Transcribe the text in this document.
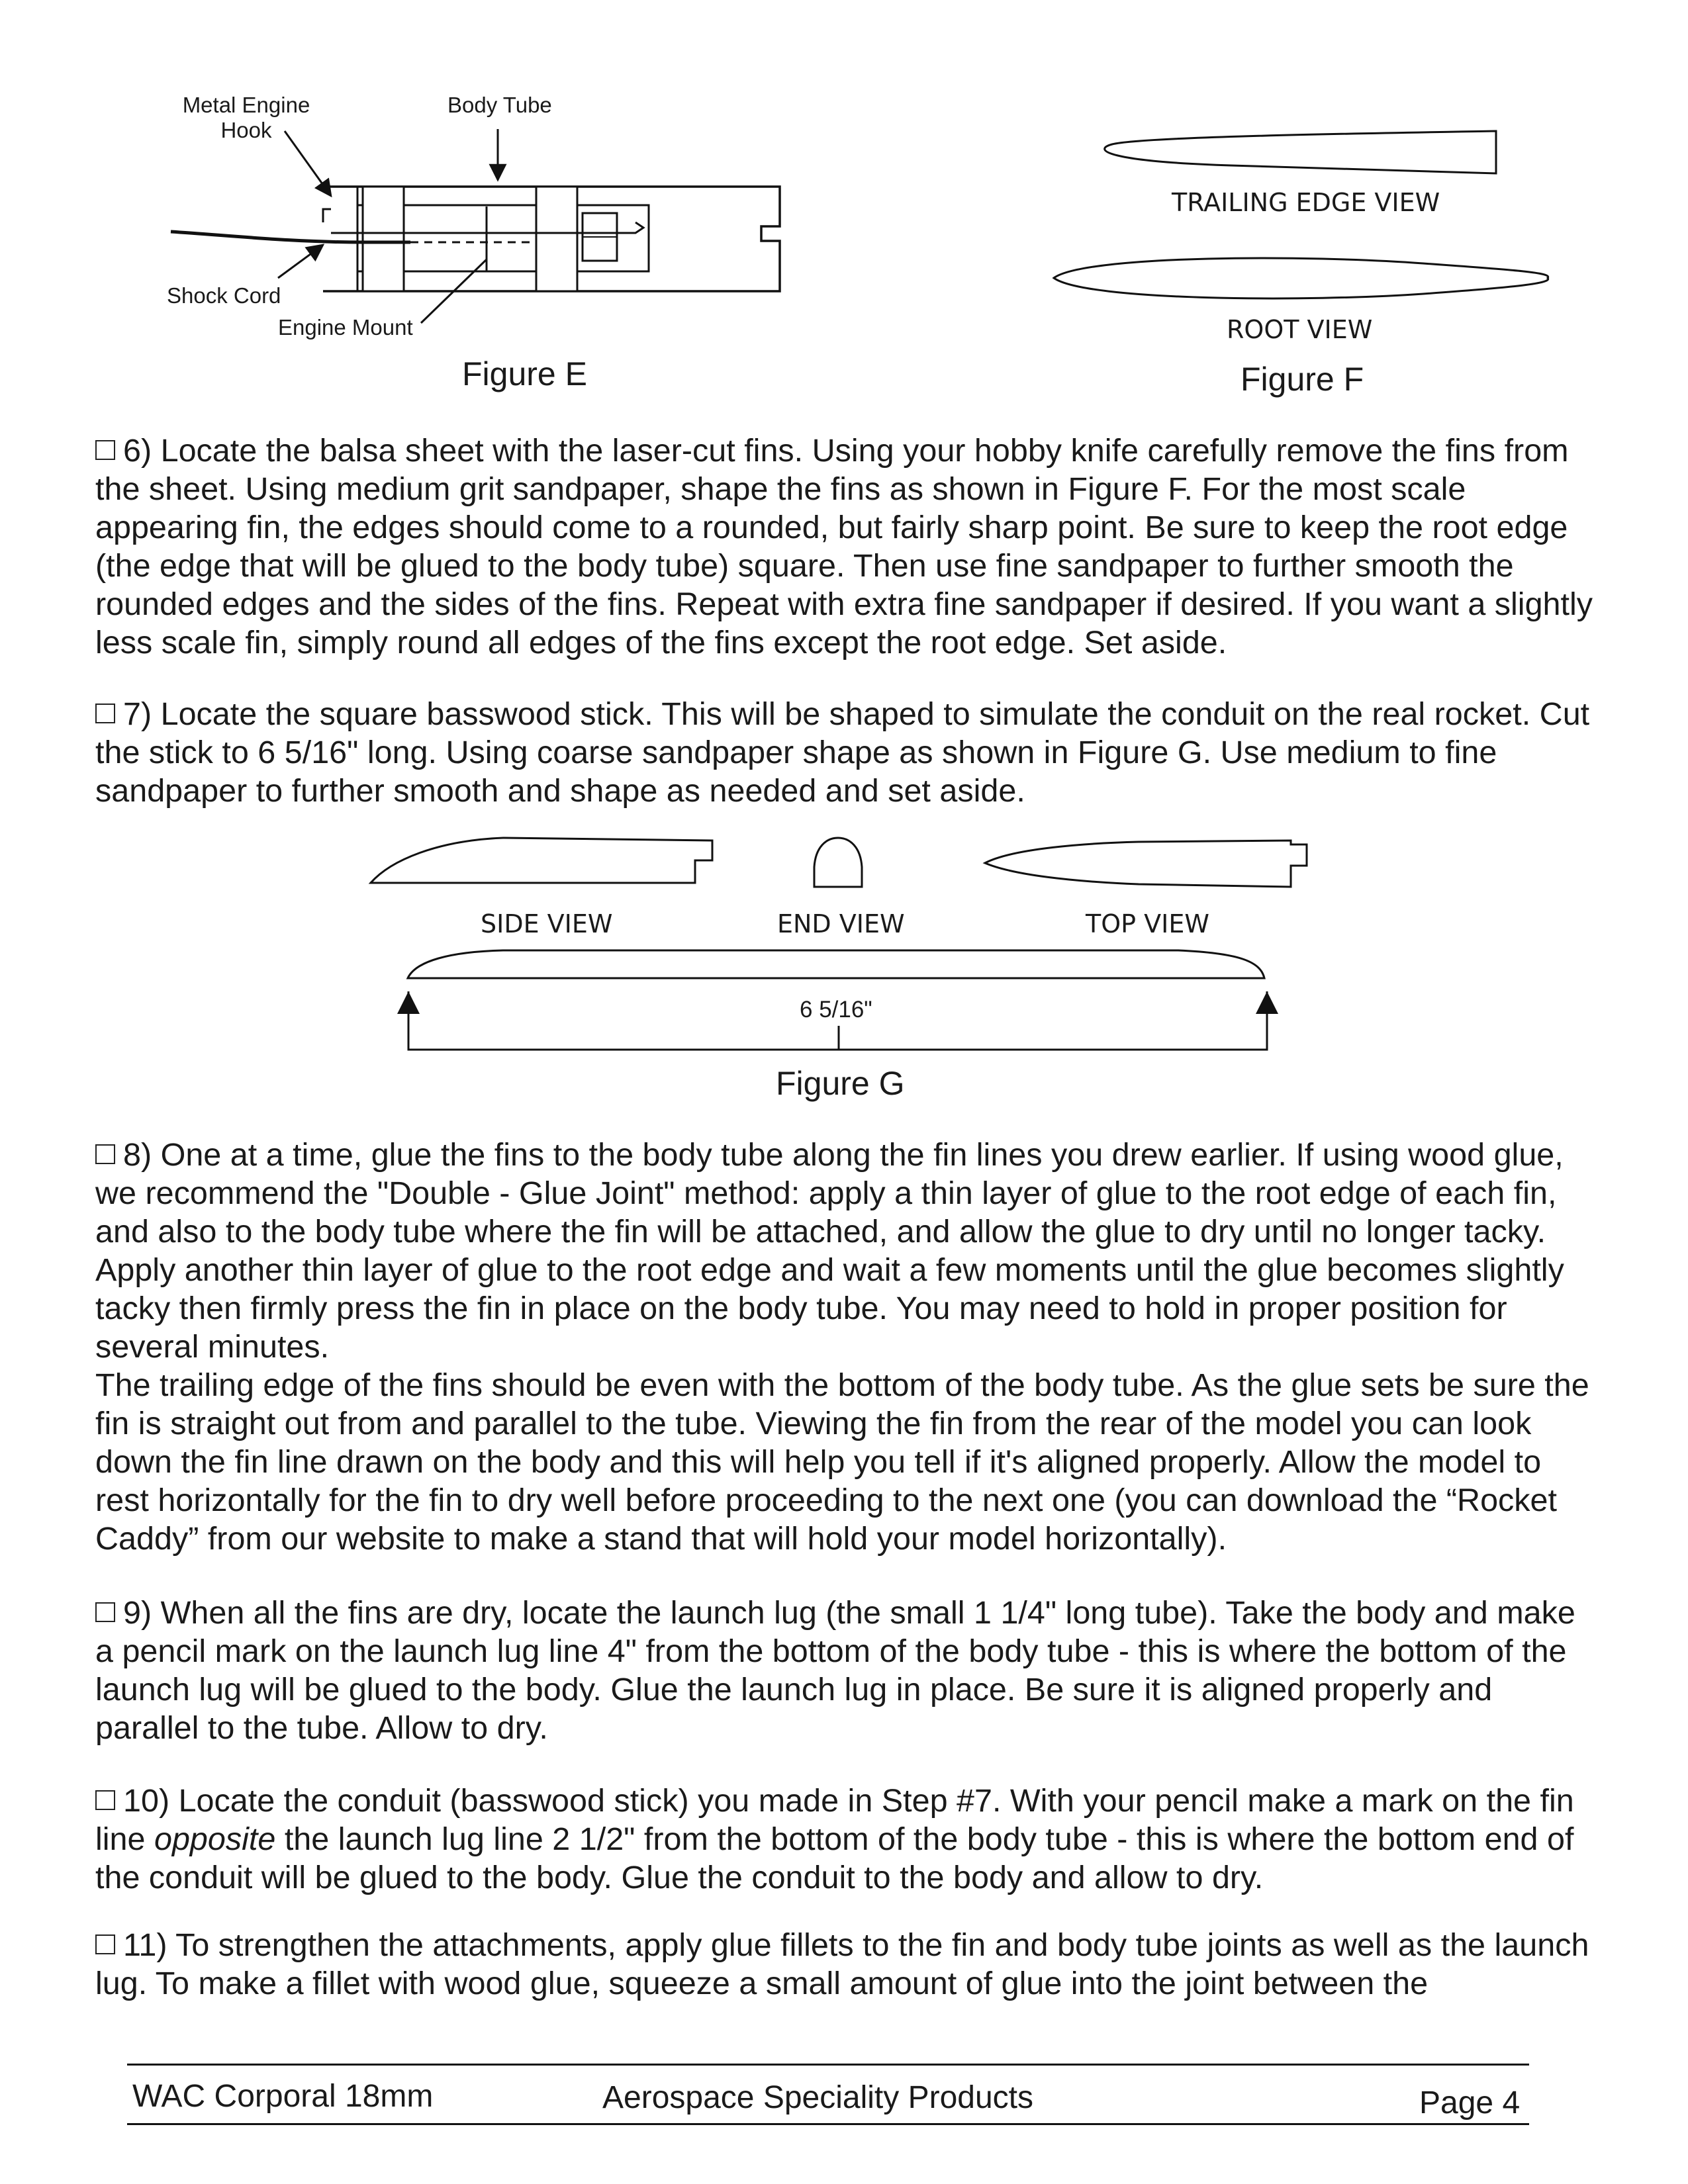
Metal Engine
Hook
Body Tube
Shock Cord
Engine Mount
Figure E
TRAILING EDGE VIEW
ROOT VIEW
Figure F

6) Locate the balsa sheet with the laser-cut fins. Using your hobby knife carefully remove the fins from the sheet. Using medium grit sandpaper, shape the fins as shown in Figure F. For the most scale appearing fin, the edges should come to a rounded, but fairly sharp point. Be sure to keep the root edge (the edge that will be glued to the body tube) square. Then use fine sandpaper to further smooth the rounded edges and the sides of the fins. Repeat with extra fine sandpaper if desired. If you want a slightly less scale fin, simply round all edges of the fins except the root edge. Set aside.

7) Locate the square basswood stick. This will be shaped to simulate the conduit on the real rocket. Cut the stick to 6 5/16" long. Using coarse sandpaper shape as shown in Figure G. Use medium to fine sandpaper to further smooth and shape as needed and set aside.

SIDE VIEW	END VIEW	TOP VIEW
6 5/16"
Figure G

8) One at a time, glue the fins to the body tube along the fin lines you drew earlier. If using wood glue, we recommend the "Double - Glue Joint" method: apply a thin layer of glue to the root edge of each fin, and also to the body tube where the fin will be attached, and allow the glue to dry until no longer tacky. Apply another thin layer of glue to the root edge and wait a few moments until the glue becomes slightly tacky then firmly press the fin in place on the body tube. You may need to hold in proper position for several minutes.

The trailing edge of the fins should be even with the bottom of the body tube. As the glue sets be sure the fin is straight out from and parallel to the tube. Viewing the fin from the rear of the model you can look down the fin line drawn on the body and this will help you tell if it's aligned properly. Allow the model to rest horizontally for the fin to dry well before proceeding to the next one (you can download the “Rocket Caddy” from our website to make a stand that will hold your model horizontally).

9) When all the fins are dry, locate the launch lug (the small 1 1/4" long tube). Take the body and make a pencil mark on the launch lug line 4" from the bottom of the body tube - this is where the bottom of the launch lug will be glued to the body. Glue the launch lug in place. Be sure it is aligned properly and parallel to the tube. Allow to dry.

10) Locate the conduit (basswood stick) you made in Step #7. With your pencil make a mark on the fin line opposite the launch lug line 2 1/2" from the bottom of the body tube - this is where the bottom end of the conduit will be glued to the body. Glue the conduit to the body and allow to dry.

11) To strengthen the attachments, apply glue fillets to the fin and body tube joints as well as the launch lug. To make a fillet with wood glue, squeeze a small amount of glue into the joint between the

WAC Corporal 18mm	Aerospace Speciality Products	Page 4
